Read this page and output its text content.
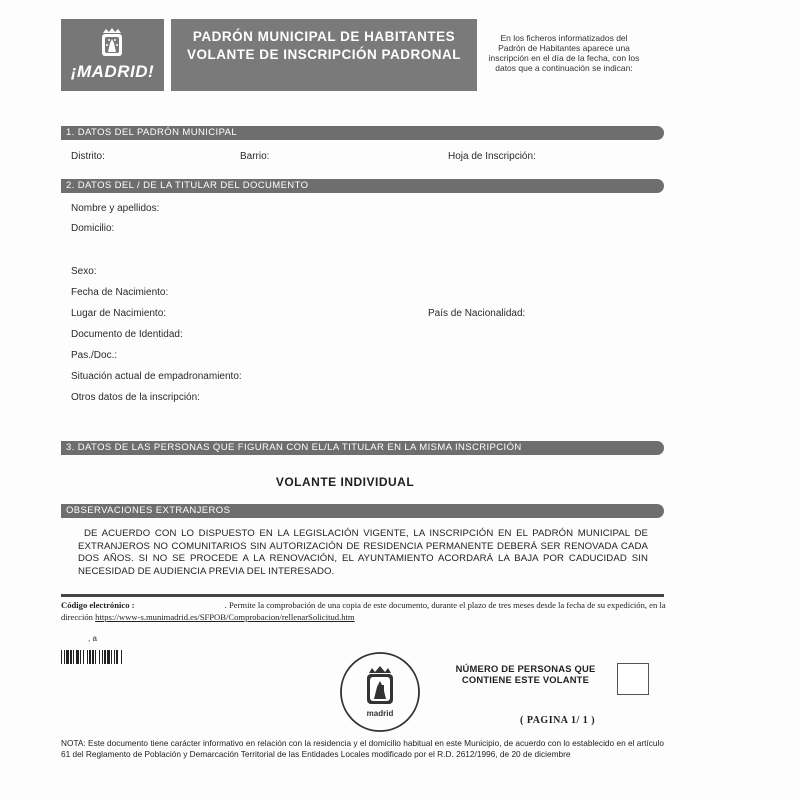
¡MADRID!
PADRÓN MUNICIPAL DE HABITANTES
VOLANTE DE INSCRIPCIÓN PADRONAL
En los ficheros informatizados del Padrón de Habitantes aparece una inscripción en el día de la fecha, con los datos que a continuación se indican:
1. DATOS DEL PADRÓN MUNICIPAL
Distrito:	Barrio:	Hoja de Inscripción:
2. DATOS DEL / DE LA TITULAR DEL DOCUMENTO
Nombre y apellidos:
Domicilio:
Sexo:
Fecha de Nacimiento:
Lugar de Nacimiento:	País de Nacionalidad:
Documento de Identidad:
Pas./Doc.:
Situación actual de empadronamiento:
Otros datos de la inscripción:
3. DATOS DE LAS PERSONAS QUE FIGURAN CON EL/LA TITULAR EN LA MISMA INSCRIPCIÓN
VOLANTE INDIVIDUAL
OBSERVACIONES EXTRANJEROS
DE ACUERDO CON LO DISPUESTO EN LA LEGISLACIÓN VIGENTE, LA INSCRIPCIÓN EN EL PADRÓN MUNICIPAL DE EXTRANJEROS NO COMUNITARIOS SIN AUTORIZACIÓN DE RESIDENCIA PERMANENTE DEBERÁ SER RENOVADA CADA DOS AÑOS. SI NO SE PROCEDE A LA RENOVACIÓN, EL AYUNTAMIENTO ACORDARÁ LA BAJA POR CADUCIDAD SIN NECESIDAD DE AUDIENCIA PREVIA DEL INTERESADO.
Código electrónico :	. Permite la comprobación de una copia de este documento, durante el plazo de tres meses desde la fecha de su expedición, en la dirección https://www-s.munimadrid.es/SFPOB/Comprobacion/rellenarSolicitud.htm
, a
madrid
NÚMERO DE PERSONAS QUE
CONTIENE ESTE VOLANTE
( PAGINA 1/ 1 )
NOTA: Este documento tiene carácter informativo en relación con la residencia y el domicilio habitual en este Municipio, de acuerdo con lo establecido en el artículo 61 del Reglamento de Población y Demarcación Territorial de las Entidades Locales modificado por el R.D. 2612/1996, de 20 de diciembre
